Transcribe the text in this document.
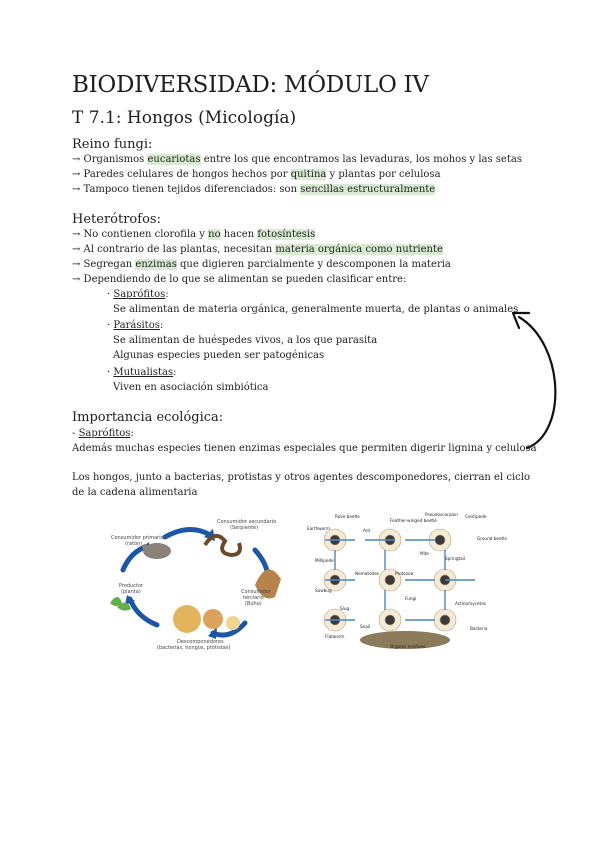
BIODIVERSIDAD: MÓDULO IV
T 7.1: Hongos (Micología)
Reino fungi:
→ Organismos eucariotas entre los que encontramos las levaduras, los mohos y las setas
→ Paredes celulares de hongos hechos por quitina y plantas por celulosa
→ Tampoco tienen tejidos diferenciados: son sencillas estructuralmente
Heterótrofos:
→ No contienen clorofila y no hacen fotosíntesis
→ Al contrario de las plantas, necesitan materia orgánica como nutriente
→ Segregan enzimas que digieren parcialmente y descomponen la materia
→ Dependiendo de lo que se alimentan se pueden clasificar entre:
· Saprófitos:
Se alimentan de materia orgánica, generalmente muerta, de plantas o animales
· Parásitos:
Se alimentan de huéspedes vivos, a los que parasita
Algunas especies pueden ser patogénicas
· Mutualistas:
Viven en asociación simbiótica
Importancia ecológica:
- Saprófitos:
Además muchas especies tienen enzimas especiales que permiten digerir lignina y celulosa
Los hongos, junto a bacterias, protistas y otros agentes descomponedores, cierran el ciclo
de la cadena alimentaria
Consumidor primario
(ratón)
Consumidor secundario
(Serpiente)
Consumidor
terciario
(Búho)
Productor
(planta)
Descomponedores
(bacterias, hongos, protistas)
Rove beetle
Ant
Feather-winged beetle
Pseudoscorpion Centipede
Ground beetle
Mite
Springtail
Nematodes	Protozoa
Fungi
Actinomycetes
Bacteria
Earthworm
Millipede
Sowbug
Slug
Snail
Flatworm
Organic residues
